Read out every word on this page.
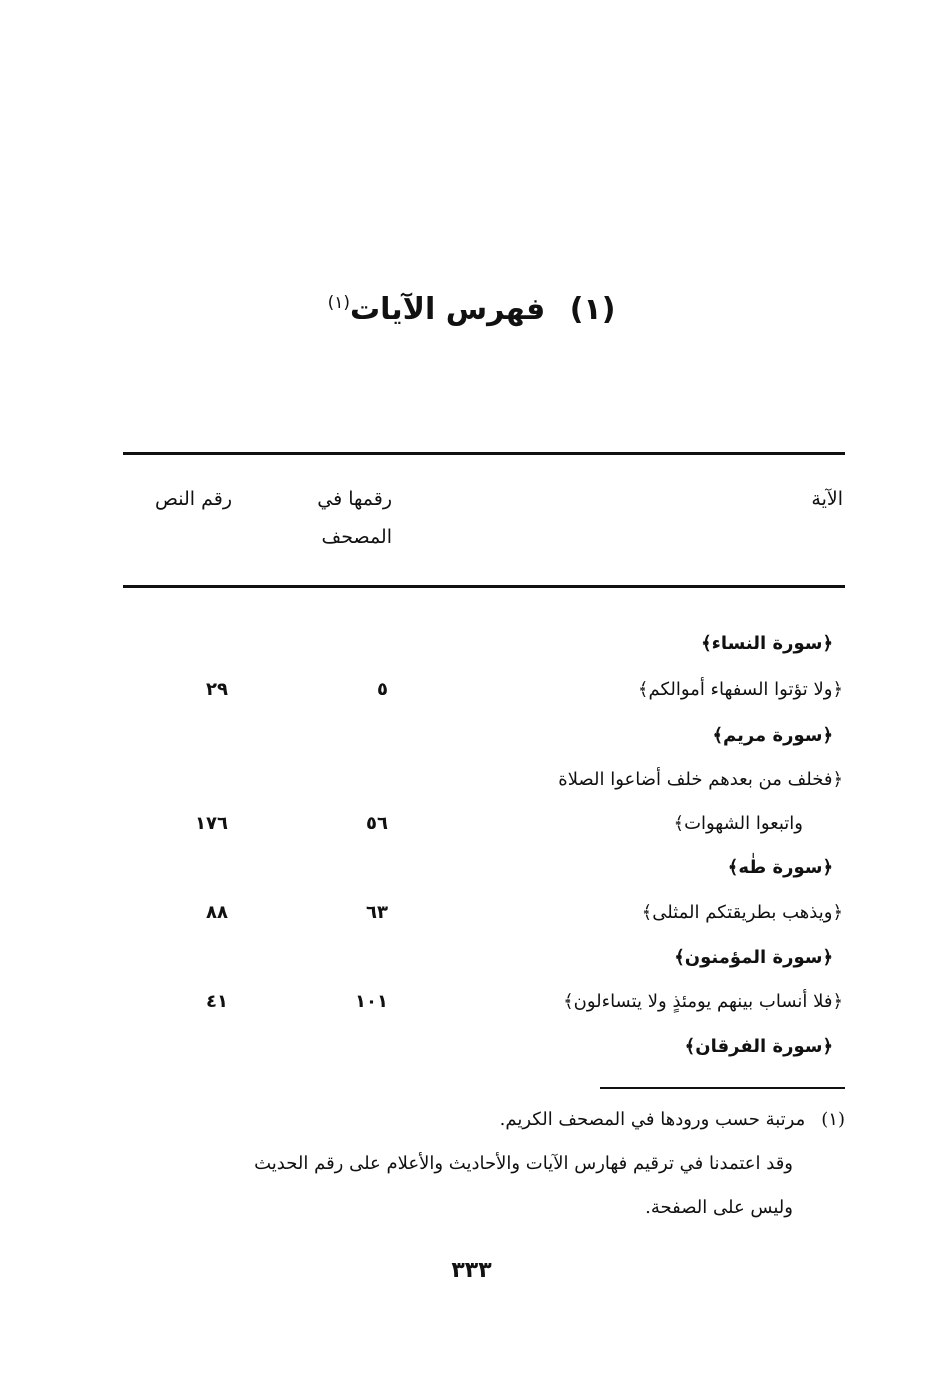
(١) فهرس الآيات$^{(١)}$
الآية
رقمها في المصحف
رقم النص
﴿سورة النساء﴾
﴿ولا تؤتوا السفهاء أموالكم﴾
٥
٢٩
﴿سورة مريم﴾
﴿فخلف من بعدهم خلف أضاعوا الصلاة
واتبعوا الشهوات﴾
٥٦
١٧٦
﴿سورة طٰه﴾
﴿ويذهب بطريقتكم المثلى﴾
٦٣
٨٨
﴿سورة المؤمنون﴾
﴿فلا أنساب بينهم يومئذٍ ولا يتساءلون﴾
١٠١
٤١
﴿سورة الفرقان﴾
(١)مرتبة حسب ورودها في المصحف الكريم.
وقد اعتمدنا في ترقيم فهارس الآيات والأحاديث والأعلام على رقم الحديث
وليس على الصفحة.
٣٣٣
